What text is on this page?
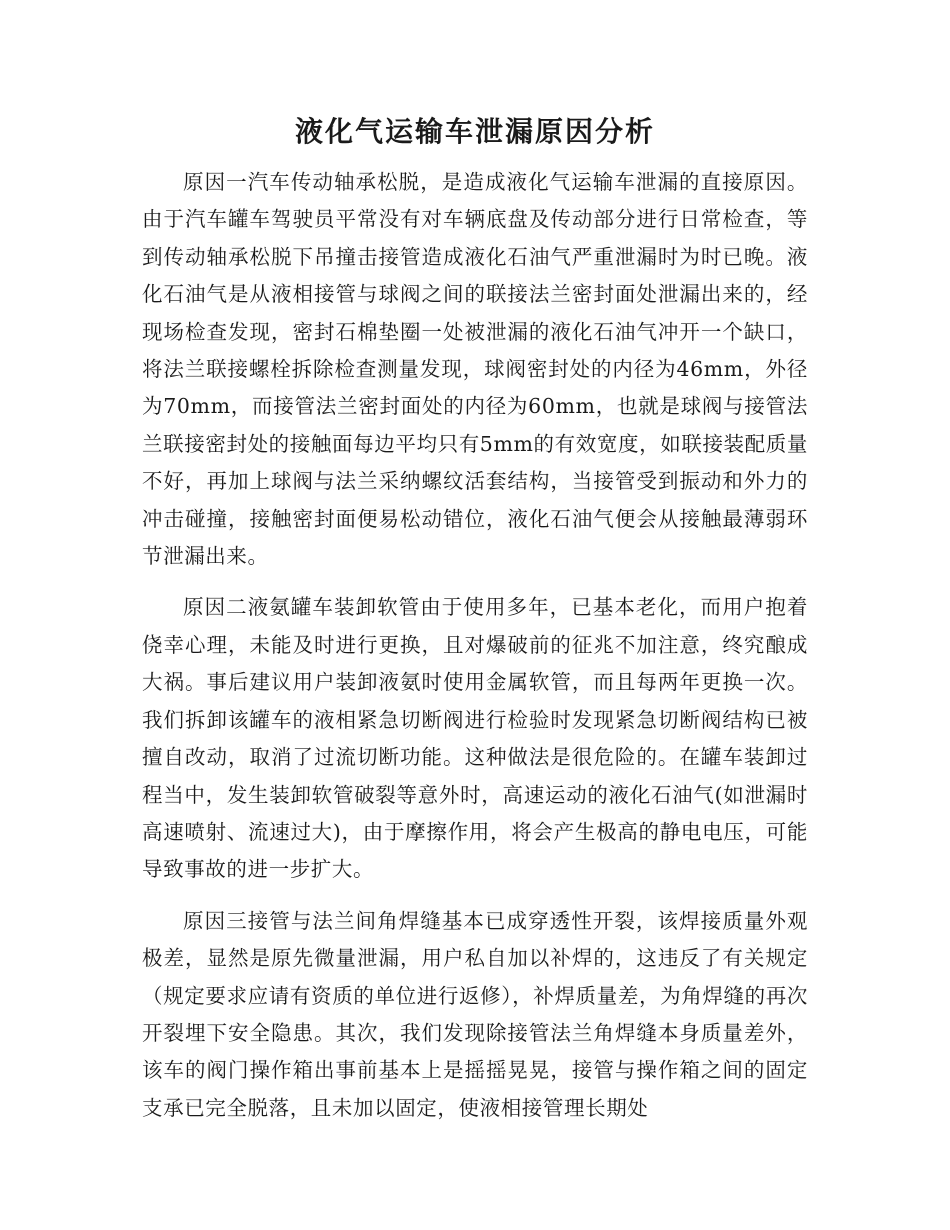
液化气运输车泄漏原因分析

原因一汽车传动轴承松脱，是造成液化气运输车泄漏的直接原因。由于汽车罐车驾驶员平常没有对车辆底盘及传动部分进行日常检查，等到传动轴承松脱下吊撞击接管造成液化石油气严重泄漏时为时已晚。液化石油气是从液相接管与球阀之间的联接法兰密封面处泄漏出来的，经现场检查发现，密封石棉垫圈一处被泄漏的液化石油气冲开一个缺口，将法兰联接螺栓拆除检查测量发现，球阀密封处的内径为46mm，外径为70mm，而接管法兰密封面处的内径为60mm，也就是球阀与接管法兰联接密封处的接触面每边平均只有5mm的有效宽度，如联接装配质量不好，再加上球阀与法兰采纳螺纹活套结构，当接管受到振动和外力的冲击碰撞，接触密封面便易松动错位，液化石油气便会从接触最薄弱环节泄漏出来。

原因二液氨罐车装卸软管由于使用多年，已基本老化，而用户抱着侥幸心理，未能及时进行更换，且对爆破前的征兆不加注意，终究酿成大祸。事后建议用户装卸液氨时使用金属软管，而且每两年更换一次。我们拆卸该罐车的液相紧急切断阀进行检验时发现紧急切断阀结构已被擅自改动，取消了过流切断功能。这种做法是很危险的。在罐车装卸过程当中，发生装卸软管破裂等意外时，高速运动的液化石油气(如泄漏时高速喷射、流速过大)，由于摩擦作用，将会产生极高的静电电压，可能导致事故的进一步扩大。

原因三接管与法兰间角焊缝基本已成穿透性开裂，该焊接质量外观极差，显然是原先微量泄漏，用户私自加以补焊的，这违反了有关规定（规定要求应请有资质的单位进行返修），补焊质量差，为角焊缝的再次开裂埋下安全隐患。其次，我们发现除接管法兰角焊缝本身质量差外，该车的阀门操作箱出事前基本上是摇摇晃晃，接管与操作箱之间的固定支承已完全脱落，且未加以固定，使液相接管理长期处
